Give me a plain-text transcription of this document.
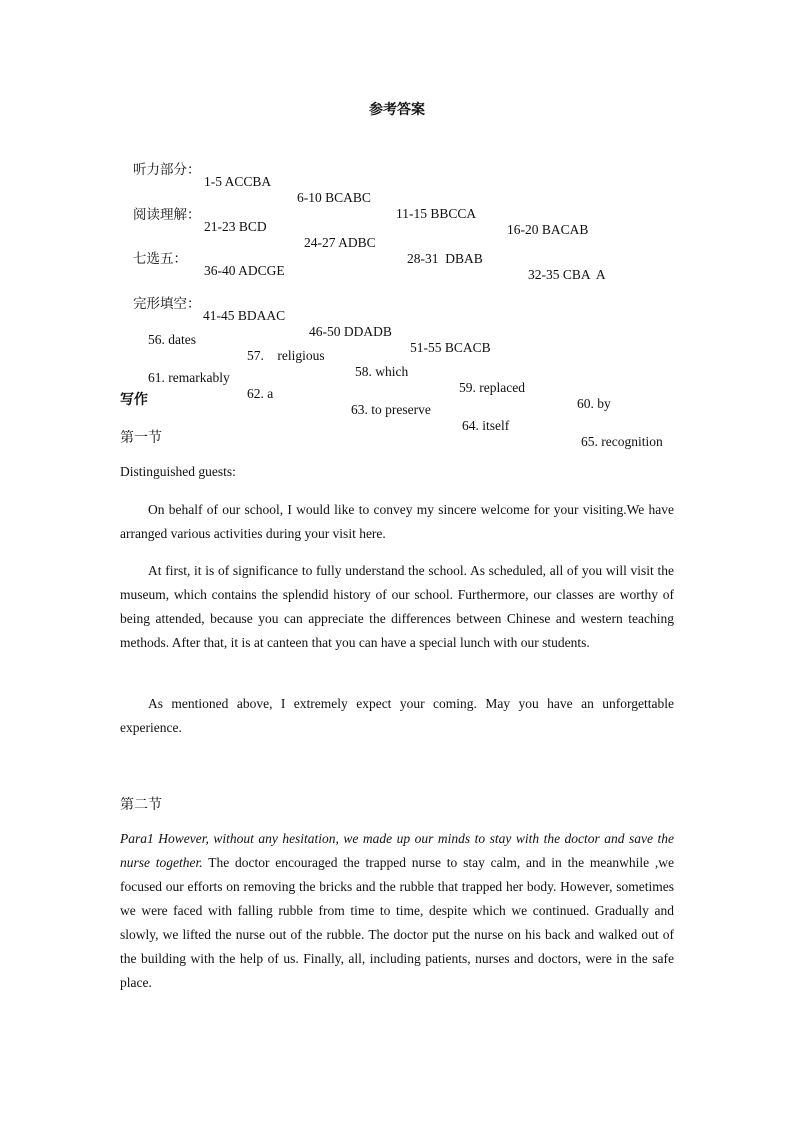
参考答案

听力部分：

1-5 ACCBA

6-10 BCABC

11-15 BBCCA

16-20 BACAB

阅读理解：

21-23 BCD

24-27 ADBC

28-31  DBAB

32-35 CBA  A

七选五：

36-40 ADCGE

完形填空：

41-45 BDAAC

46-50 DDADB

51-55 BCACB

56. dates

57.    religious

58. which

59. replaced

60. by

61. remarkably

62. a

63. to preserve

64. itself

65. recognition

写作
第一节

Distinguished guests:

On behalf of our school, I would like to convey my sincere welcome for your visiting.We have arranged various activities during your visit here.

At first, it is of significance to fully understand the school. As scheduled, all of you will visit the museum, which contains the splendid history of our school. Furthermore, our classes are worthy of being attended, because you can appreciate the differences between Chinese and western teaching methods. After that, it is at canteen that you can have a special lunch with our students.

As mentioned above, I extremely expect your coming. May you have an unforgettable experience.

第二节

Para1 However, without any hesitation, we made up our minds to stay with the doctor and save the nurse together. The doctor encouraged the trapped nurse to stay calm, and in the meanwhile ,we focused our efforts on removing the bricks and the rubble that trapped her body. However, sometimes we were faced with falling rubble from time to time, despite which we continued. Gradually and slowly, we lifted the nurse out of the rubble. The doctor put the nurse on his back and walked out of the building with the help of us. Finally, all, including patients, nurses and doctors, were in the safe place.
